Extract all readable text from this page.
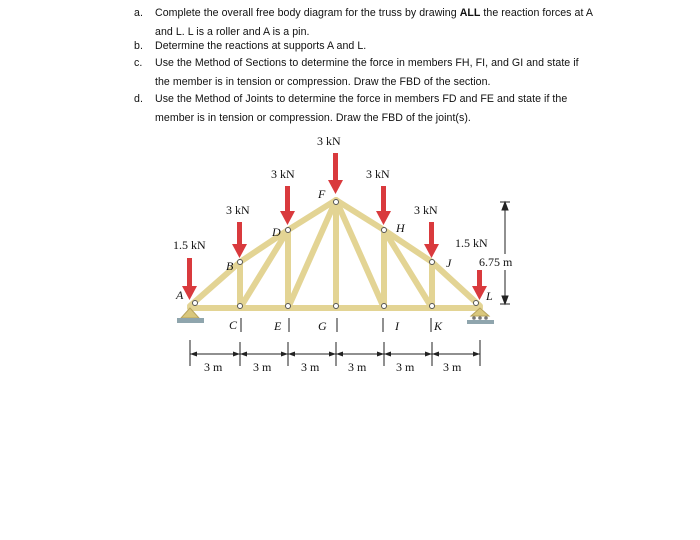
a. Complete the overall free body diagram for the truss by drawing ALL the reaction forces at A
and L. L is a roller and A is a pin.
b. Determine the reactions at supports A and L.
c. Use the Method of Sections to determine the force in members FH, FI, and GI and state if
the member is in tension or compression. Draw the FBD of the section.
d. Use the Method of Joints to determine the force in members FD and FE and state if the
member is in tension or compression. Draw the FBD of the joint(s).
3 kN
3 kN	3 kN
3 kN	3 kN
1.5 kN	1.5 kN
A
B
C
D
E
F
G
H
I
J
K
L
6.75 m
3 m	3 m 3 m 3 m 3 m 3 m
